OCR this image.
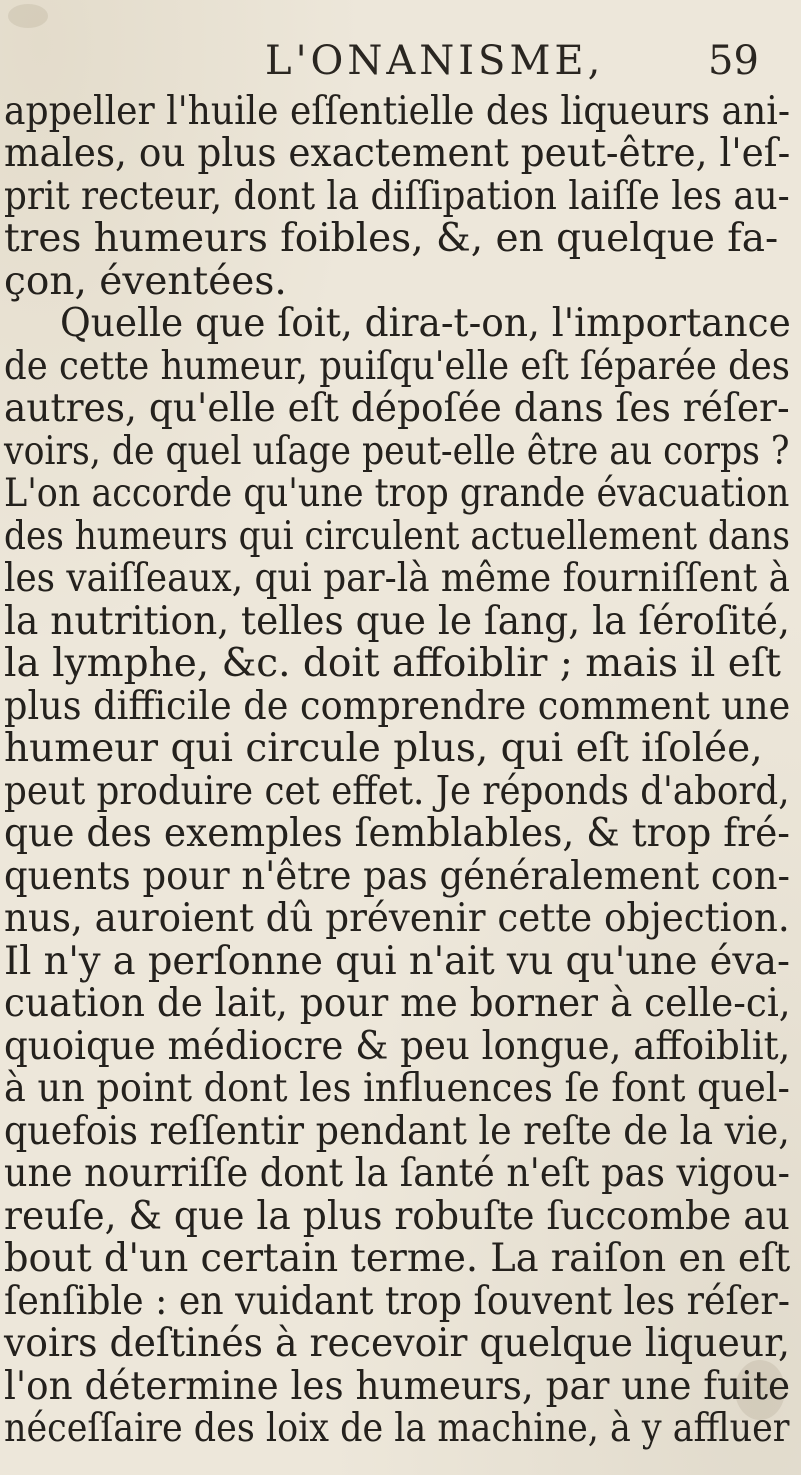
L'ONANISME,	59
appeller l'huile eſſentielle des liqueurs ani-
males, ou plus exactement peut-être, l'eſ-
prit recteur, dont la diſſipation laiſſe les au-
tres humeurs foibles, &, en quelque fa-
çon, éventées.
Quelle que ſoit, dira-t-on, l'importance
de cette humeur, puiſqu'elle eſt ſéparée des
autres, qu'elle eſt dépoſée dans ſes réſer-
voirs, de quel uſage peut-elle être au corps ?
L'on accorde qu'une trop grande évacuation
des humeurs qui circulent actuellement dans
les vaiſſeaux, qui par-là même fourniſſent à
la nutrition, telles que le ſang, la ſéroſité,
la lymphe, &c. doit affoiblir ; mais il eſt
plus difficile de comprendre comment une
humeur qui circule plus, qui eſt iſolée,
peut produire cet effet. Je réponds d'abord,
que des exemples ſemblables, & trop fré-
quents pour n'être pas généralement con-
nus, auroient dû prévenir cette objection.
Il n'y a perſonne qui n'ait vu qu'une éva-
cuation de lait, pour me borner à celle-ci,
quoique médiocre & peu longue, affoiblit,
à un point dont les influences ſe font quel-
quefois reſſentir pendant le reſte de la vie,
une nourriſſe dont la ſanté n'eſt pas vigou-
reuſe, & que la plus robuſte ſuccombe au
bout d'un certain terme. La raiſon en eſt
ſenſible : en vuidant trop ſouvent les réſer-
voirs deſtinés à recevoir quelque liqueur,
l'on détermine les humeurs, par une fuite
néceſſaire des loix de la machine, à y affluer
